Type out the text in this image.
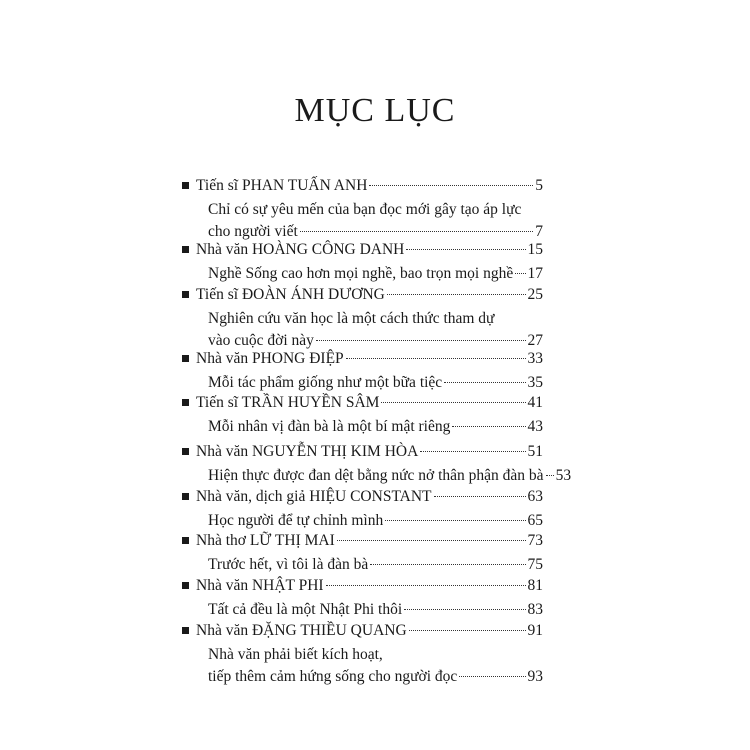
MỤC LỤC
Tiến sĩ PHAN TUẤN ANH	5
Chỉ có sự yêu mến của bạn đọc mới gây tạo áp lực
cho người viết	7
Nhà văn HOÀNG CÔNG DANH	15
Nghề Sống cao hơn mọi nghề, bao trọn mọi nghề 17
Tiến sĩ ĐOÀN ÁNH DƯƠNG	25
Nghiên cứu văn học là một cách thức tham dự
vào cuộc đời này	27
Nhà văn PHONG ĐIỆP	33
Mỗi tác phẩm giống như một bữa tiệc	35
Tiến sĩ TRẦN HUYỀN SÂM	41
Mỗi nhân vị đàn bà là một bí mật riêng	43
Nhà văn NGUYỄN THỊ KIM HÒA	51
Hiện thực được đan dệt bằng nức nở thân phận đàn bà 53
Nhà văn, dịch giả HIỆU CONSTANT	63
Học người để tự chỉnh mình	65
Nhà thơ LỮ THỊ MAI	73
Trước hết, vì tôi là đàn bà	75
Nhà văn NHẬT PHI	81
Tất cả đều là một Nhật Phi thôi	83
Nhà văn ĐẶNG THIỀU QUANG	91
Nhà văn phải biết kích hoạt,
tiếp thêm cảm hứng sống cho người đọc	93
